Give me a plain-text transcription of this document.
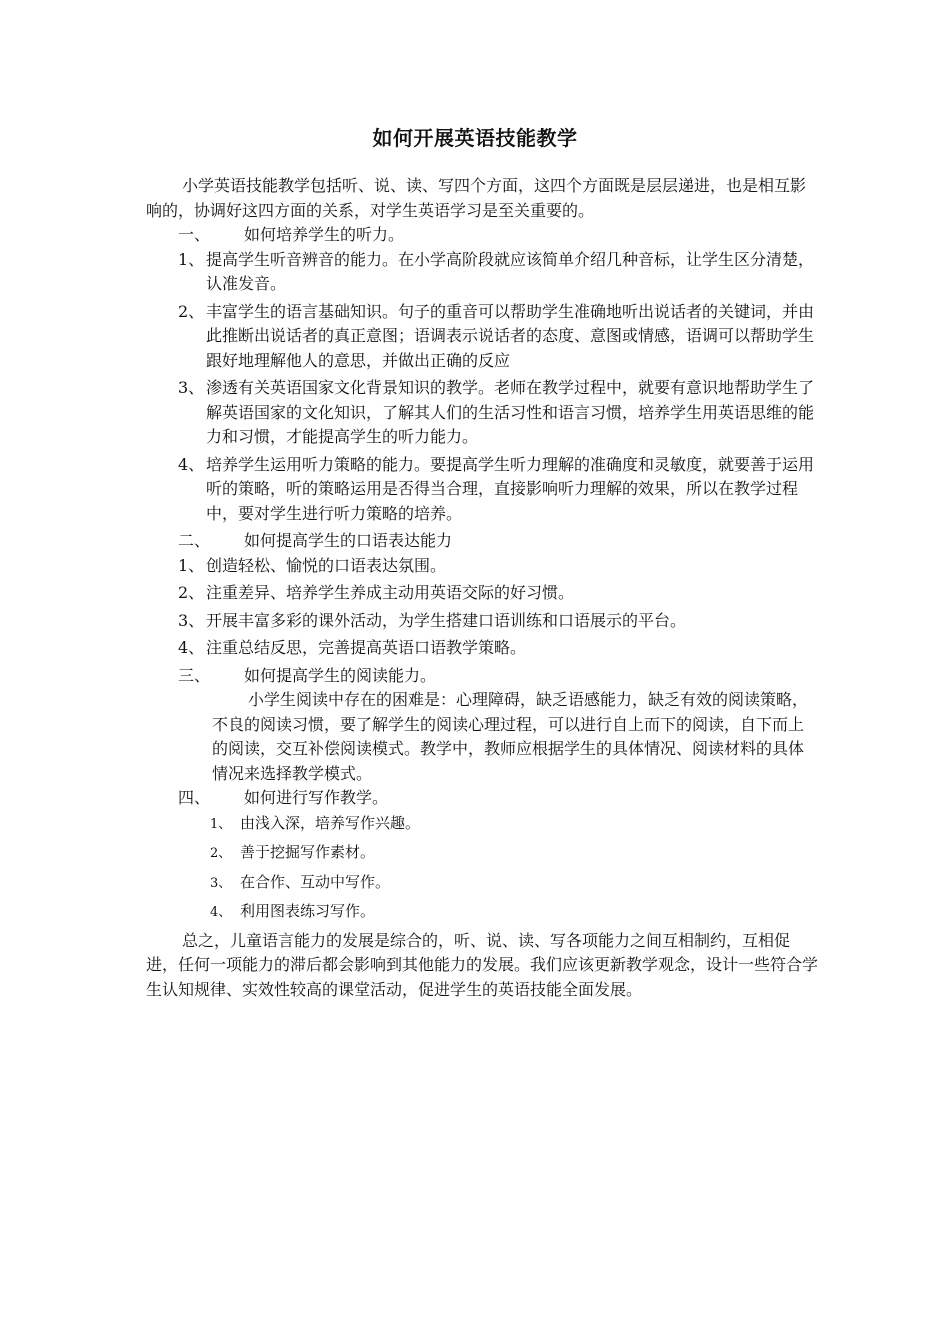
如何开展英语技能教学

小学英语技能教学包括听、说、读、写四个方面，这四个方面既是层层递进，也是相互影响的，协调好这四方面的关系，对学生英语学习是至关重要的。

一、 如何培养学生的听力。

1、 提高学生听音辨音的能力。在小学高阶段就应该简单介绍几种音标，让学生区分清楚，认准发音。

2、 丰富学生的语言基础知识。句子的重音可以帮助学生准确地听出说话者的关键词，并由此推断出说话者的真正意图；语调表示说话者的态度、意图或情感，语调可以帮助学生跟好地理解他人的意思，并做出正确的反应

3、 渗透有关英语国家文化背景知识的教学。老师在教学过程中，就要有意识地帮助学生了解英语国家的文化知识，了解其人们的生活习性和语言习惯，培养学生用英语思维的能力和习惯，才能提高学生的听力能力。

4、 培养学生运用听力策略的能力。要提高学生听力理解的准确度和灵敏度，就要善于运用听的策略，听的策略运用是否得当合理，直接影响听力理解的效果，所以在教学过程中，要对学生进行听力策略的培养。

二、 如何提高学生的口语表达能力

1、 创造轻松、愉悦的口语表达氛围。

2、 注重差异、培养学生养成主动用英语交际的好习惯。

3、 开展丰富多彩的课外活动，为学生搭建口语训练和口语展示的平台。

4、 注重总结反思，完善提高英语口语教学策略。

三、 如何提高学生的阅读能力。

小学生阅读中存在的困难是：心理障碍，缺乏语感能力，缺乏有效的阅读策略，不良的阅读习惯，要了解学生的阅读心理过程，可以进行自上而下的阅读，自下而上的阅读，交互补偿阅读模式。教学中，教师应根据学生的具体情况、阅读材料的具体情况来选择教学模式。

四、 如何进行写作教学。

1、 由浅入深，培养写作兴趣。

2、 善于挖掘写作素材。

3、 在合作、互动中写作。

4、 利用图表练习写作。

总之，儿童语言能力的发展是综合的，听、说、读、写各项能力之间互相制约，互相促进，任何一项能力的滞后都会影响到其他能力的发展。我们应该更新教学观念，设计一些符合学生认知规律、实效性较高的课堂活动，促进学生的英语技能全面发展。
